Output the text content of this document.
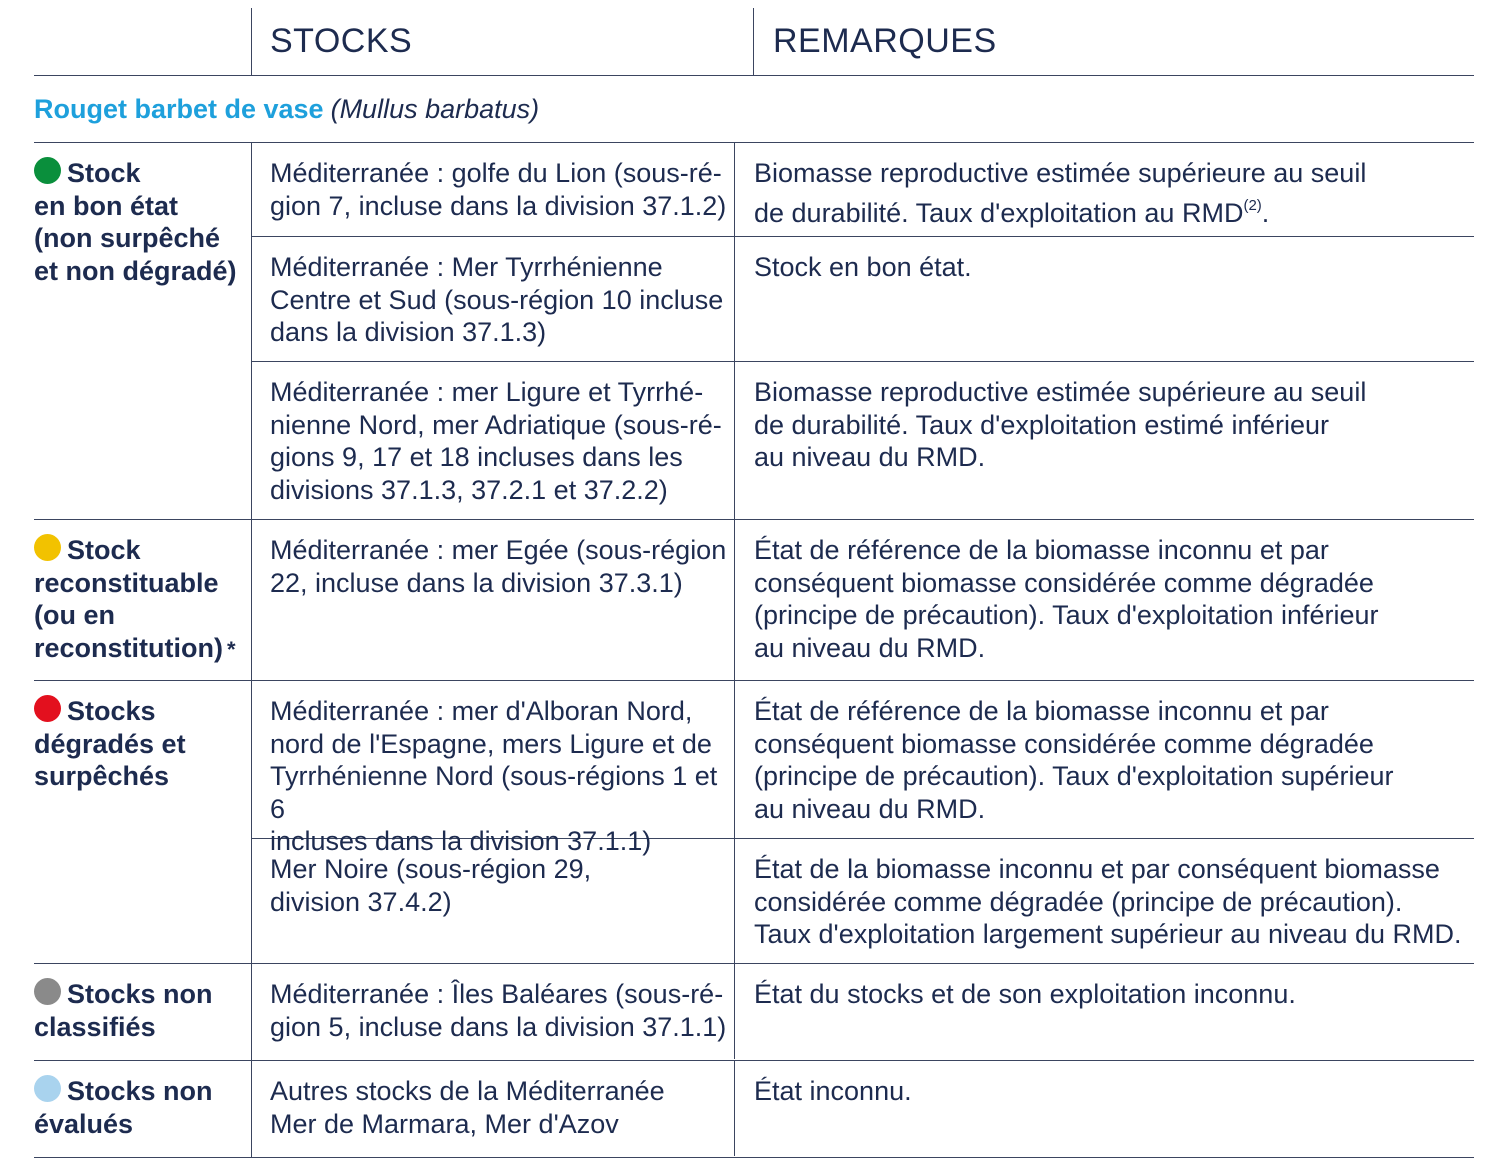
STOCKS	REMARQUES
Rouget barbet de vase (Mullus barbatus)
Stock
en bon état
(non surpêché
et non dégradé)
Méditerranée : golfe du Lion (sous-ré-
gion 7, incluse dans la division 37.1.2)
Biomasse reproductive estimée supérieure au seuil
de durabilité. Taux d'exploitation au RMD$^{(2)}$.
Méditerranée : Mer Tyrrhénienne
Centre et Sud (sous-région 10 incluse
dans la division 37.1.3)
Stock en bon état.
Méditerranée : mer Ligure et Tyrrhé-
nienne Nord, mer Adriatique (sous-ré-
gions 9, 17 et 18 incluses dans les
divisions 37.1.3, 37.2.1 et 37.2.2)
Biomasse reproductive estimée supérieure au seuil
de durabilité. Taux d'exploitation estimé inférieur
au niveau du RMD.
Stock
reconstituable
(ou en
reconstitution) *
Méditerranée : mer Egée (sous-région
22, incluse dans la division 37.3.1)
État de référence de la biomasse inconnu et par
conséquent biomasse considérée comme dégradée
(principe de précaution). Taux d'exploitation inférieur
au niveau du RMD.
Stocks
dégradés et
surpêchés
Méditerranée : mer d'Alboran Nord,
nord de l'Espagne, mers Ligure et de
Tyrrhénienne Nord (sous-régions 1 et 6
incluses dans la division 37.1.1)
État de référence de la biomasse inconnu et par
conséquent biomasse considérée comme dégradée
(principe de précaution). Taux d'exploitation supérieur
au niveau du RMD.
Mer Noire (sous-région 29,
division 37.4.2)
État de la biomasse inconnu et par conséquent biomasse
considérée comme dégradée (principe de précaution).
Taux d'exploitation largement supérieur au niveau du RMD.
Stocks non
classifiés
Méditerranée : Îles Baléares (sous-ré-
gion 5, incluse dans la division 37.1.1)
État du stocks et de son exploitation inconnu.
Stocks non
évalués
Autres stocks de la Méditerranée
Mer de Marmara, Mer d'Azov
État inconnu.
